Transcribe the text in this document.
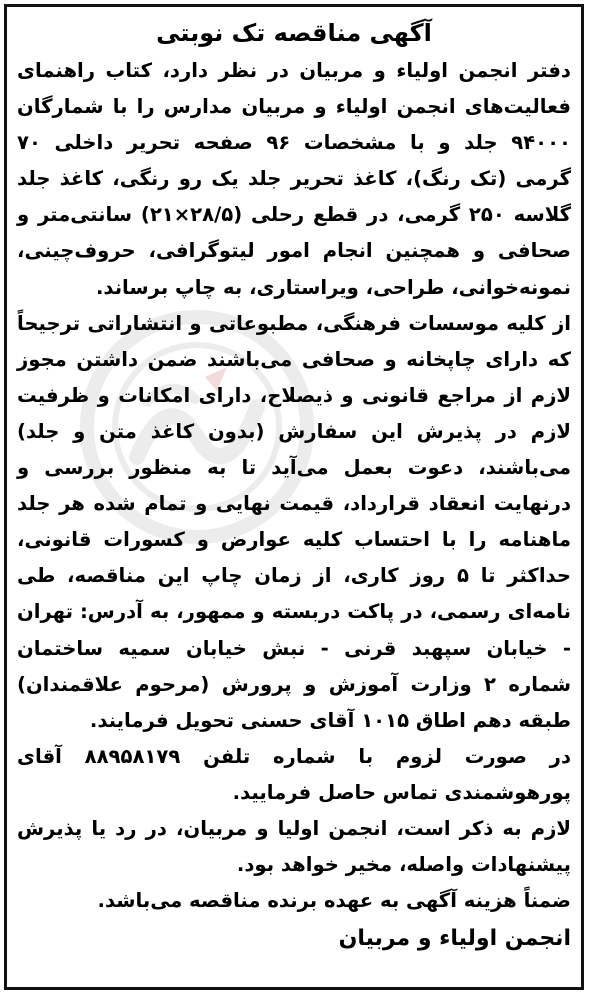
آگهی مناقصه تک نوبتی

دفتر انجمن اولیاء و مربیان در نظر دارد، کتاب راهنمای فعالیت‌های انجمن اولیاء و مربیان مدارس را با شمارگان ۹۴۰۰۰ جلد و با مشخصات ۹۶ صفحه تحریر داخلی ۷۰ گرمی (تک رنگ)، کاغذ تحریر جلد یک رو رنگی، کاغذ جلد گلاسه ۲۵۰ گرمی، در قطع رحلی (۲۸/۵×۲۱) سانتی‌متر و صحافی و همچنین انجام امور لیتوگرافی، حروف‌چینی، نمونه‌خوانی، طراحی، ویراستاری، به چاپ برساند.

از کلیه موسسات فرهنگی، مطبوعاتی و انتشاراتی ترجیحاً که دارای چاپخانه و صحافی می‌باشند ضمن داشتن مجوز لازم از مراجع قانونی و ذیصلاح، دارای امکانات و ظرفیت لازم در پذیرش این سفارش (بدون کاغذ متن و جلد) می‌باشند، دعوت بعمل می‌آید تا به منظور بررسی و درنهایت انعقاد قرارداد، قیمت نهایی و تمام شده هر جلد ماهنامه را با احتساب کلیه عوارض و کسورات قانونی، حداکثر تا ۵ روز کاری، از زمان چاپ این مناقصه، طی نامه‌ای رسمی، در پاکت دربسته و ممهور، به آدرس: تهران - خیابان سپهبد قرنی - نبش خیابان سمیه ساختمان شماره ۲ وزارت آموزش و پرورش (مرحوم علاقمندان) طبقه دهم اطاق ۱۰۱۵ آقای حسنی تحویل فرمایند.

در صورت لزوم با شماره تلفن ۸۸۹۵۸۱۷۹ آقای پورهوشمندی تماس حاصل فرمایید.

لازم به ذکر است، انجمن اولیا و مربیان، در رد یا پذیرش پیشنهادات واصله، مخیر خواهد بود.

ضمناً هزینه آگهی به عهده برنده مناقصه می‌باشد.

انجمن اولیاء و مربیان
